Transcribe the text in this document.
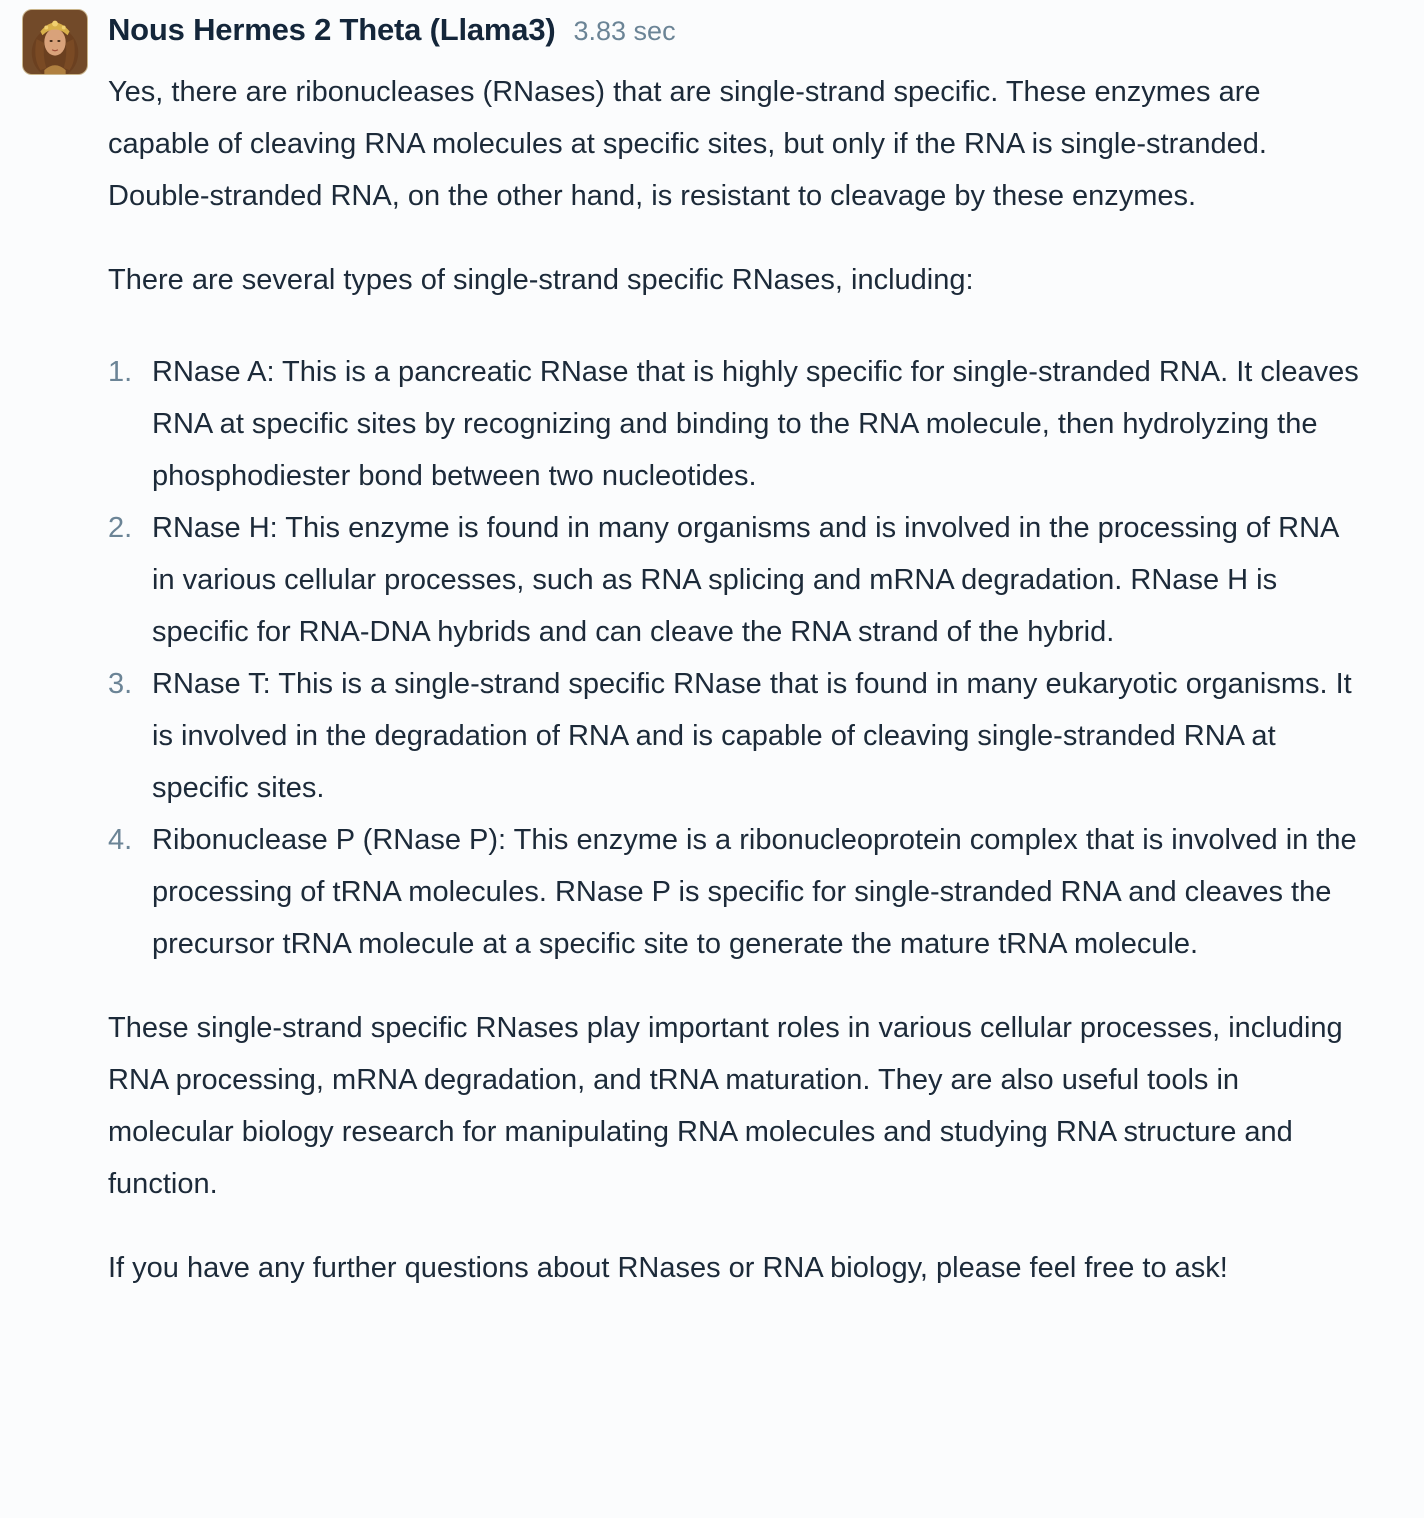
Nous Hermes 2 Theta (Llama3) 3.83 sec

Yes, there are ribonucleases (RNases) that are single-strand specific. These enzymes are capable of cleaving RNA molecules at specific sites, but only if the RNA is single-stranded. Double-stranded RNA, on the other hand, is resistant to cleavage by these enzymes.

There are several types of single-strand specific RNases, including:

1. RNase A: This is a pancreatic RNase that is highly specific for single-stranded RNA. It cleaves RNA at specific sites by recognizing and binding to the RNA molecule, then hydrolyzing the phosphodiester bond between two nucleotides.
2. RNase H: This enzyme is found in many organisms and is involved in the processing of RNA in various cellular processes, such as RNA splicing and mRNA degradation. RNase H is specific for RNA-DNA hybrids and can cleave the RNA strand of the hybrid.
3. RNase T: This is a single-strand specific RNase that is found in many eukaryotic organisms. It is involved in the degradation of RNA and is capable of cleaving single-stranded RNA at specific sites.
4. Ribonuclease P (RNase P): This enzyme is a ribonucleoprotein complex that is involved in the processing of tRNA molecules. RNase P is specific for single-stranded RNA and cleaves the precursor tRNA molecule at a specific site to generate the mature tRNA molecule.

These single-strand specific RNases play important roles in various cellular processes, including RNA processing, mRNA degradation, and tRNA maturation. They are also useful tools in molecular biology research for manipulating RNA molecules and studying RNA structure and function.

If you have any further questions about RNases or RNA biology, please feel free to ask!
